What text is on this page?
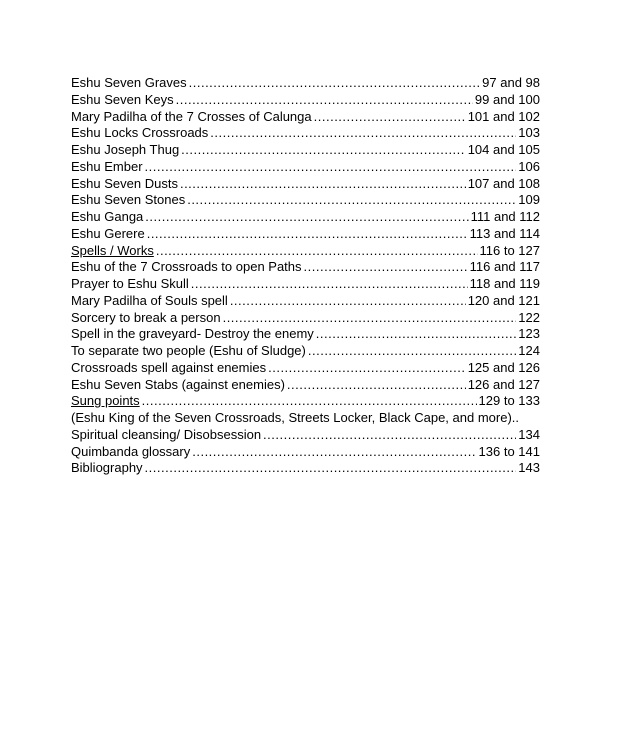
Eshu Seven Graves .....	97 and 98
Eshu Seven Keys .....	99 and 100
Mary Padilha of the 7 Crosses of Calunga .....	101 and 102
Eshu Locks Crossroads .....	103
Eshu Joseph Thug .....	104 and 105
Eshu Ember .....	106
Eshu Seven Dusts .....	107 and 108
Eshu Seven Stones .....	109
Eshu Ganga .....	111 and 112
Eshu Gerere .....	113 and 114
Spells / Works .....	116 to 127
Eshu of the 7 Crossroads to open Paths .....	116 and 117
Prayer to Eshu Skull .....	118 and 119
Mary Padilha of Souls spell .....	120 and 121
Sorcery to break a person .....	122
Spell in the graveyard- Destroy the enemy .....	123
To separate two people (Eshu of Sludge) .....	124
Crossroads spell against enemies .....	125 and 126
Eshu Seven Stabs (against enemies) .....	126 and 127
Sung points .....	129 to 133
(Eshu King of the Seven Crossroads, Streets Locker, Black Cape, and more)..
Spiritual cleansing/ Disobsession .....	134
Quimbanda glossary .....	136 to 141
Bibliography .....	143
